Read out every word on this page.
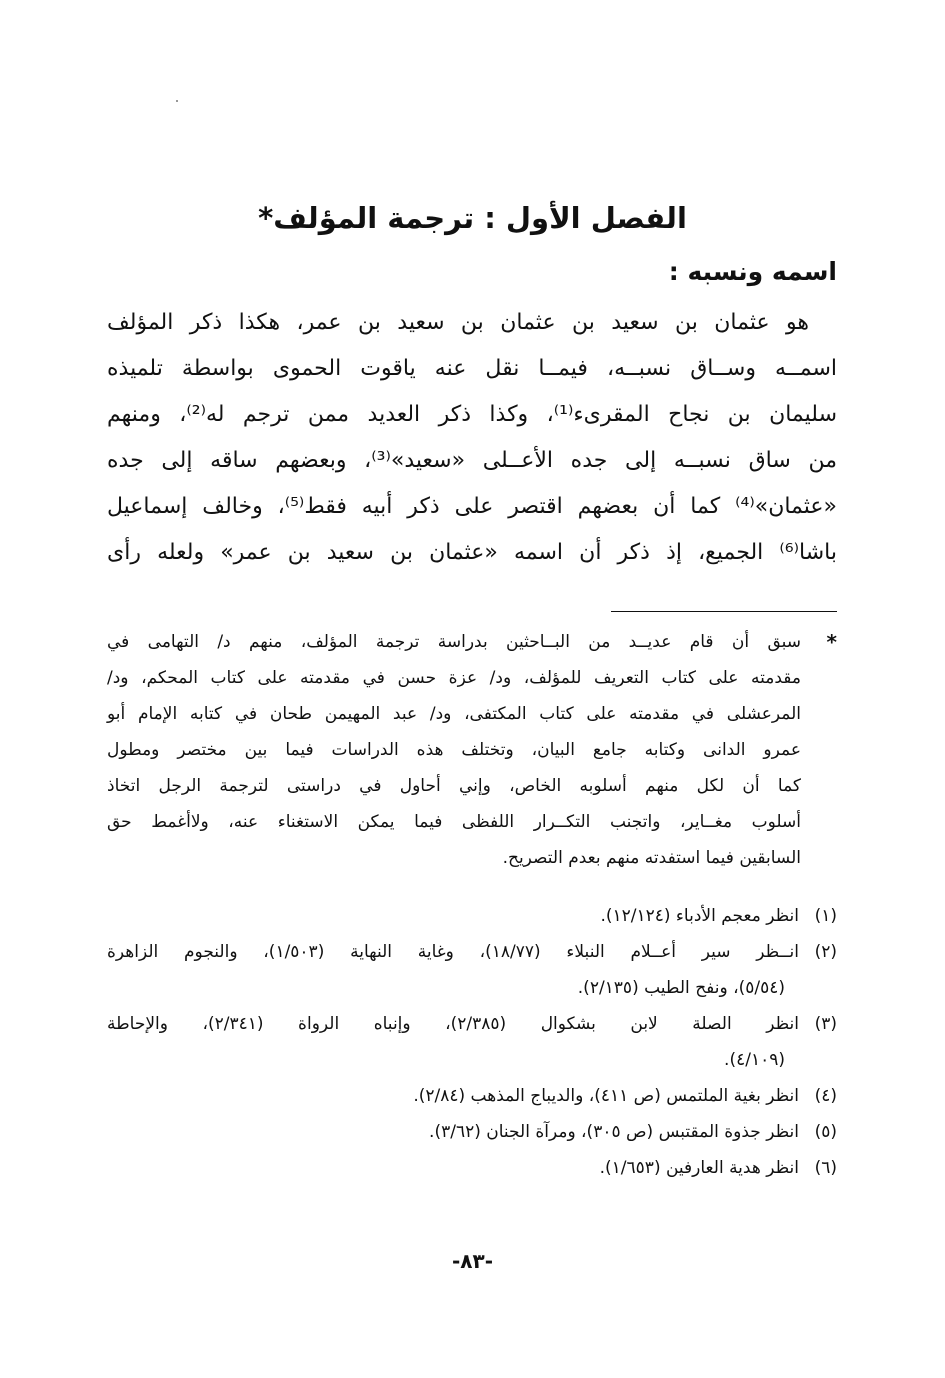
الفصل الأول : ترجمة المؤلف*
اسمه ونسبه :
هو عثمان بن سعيد بن عثمان بن سعيد بن عمر، هكذا ذكر المؤلف
اسمــه وســاق نسبــه، فيمــا نقل عنه ياقوت الحموى بواسطة تلميذه
سليمان بن نجاح المقرىء⁽¹⁾، وكذا ذكر العديد ممن ترجم له⁽²⁾، ومنهم
من ساق نسبــه إلى جده الأعــلى «سعيد»⁽³⁾، وبعضهم ساقه إلى جده
«عثمان»⁽⁴⁾ كما أن بعضهم اقتصر على ذكر أبيه فقط⁽⁵⁾، وخالف إسماعيل
باشا⁽⁶⁾ الجميع، إذ ذكر أن اسمه «عثمان بن سعيد بن عمر» ولعله رأى
*
سبق أن قام عديــد من البــاحثين بدراسة ترجمة المؤلف، منهم د/ التهامى في
مقدمته على كتاب التعريف للمؤلف، ود/ عزة حسن في مقدمته على كتاب المحكم، ود/
المرعشلى في مقدمته على كتاب المكتفى، ود/ عبد المهيمن طحان في كتابه الإمام أبو
عمرو الدانى وكتابه جامع البيان، وتختلف هذه الدراسات فيما بين مختصر ومطول
كما أن لكل منهم أسلوبه الخاص، وإني أحاول في دراستى لترجمة الرجل اتخاذ
أسلوب مغــاير، واتجنب التكــرار اللفظى فيما يمكن الاستغناء عنه، ولاأغمط حق
السابقين فيما استفدته منهم بعدم التصريح.
(١)
انظر معجم الأدباء (١٢/١٢٤).
(٢)
انــظر سير أعــلام النبلاء (١٨/٧٧)، وغاية النهاية (١/٥٠٣)، والنجوم الزاهرة
(٥/٥٤)، ونفح الطيب (٢/١٣٥).
(٣)
انظر الصلة لابن بشكوال (٢/٣٨٥)، وإنباه الرواة (٢/٣٤١)، والإحاطة
(٤/١٠٩).
(٤)
انظر بغية الملتمس (ص ٤١١)، والديباج المذهب (٢/٨٤).
(٥)
انظر جذوة المقتبس (ص ٣٠٥)، ومرآة الجنان (٣/٦٢).
(٦)
انظر هدية العارفين (١/٦٥٣).
-٨٣-
